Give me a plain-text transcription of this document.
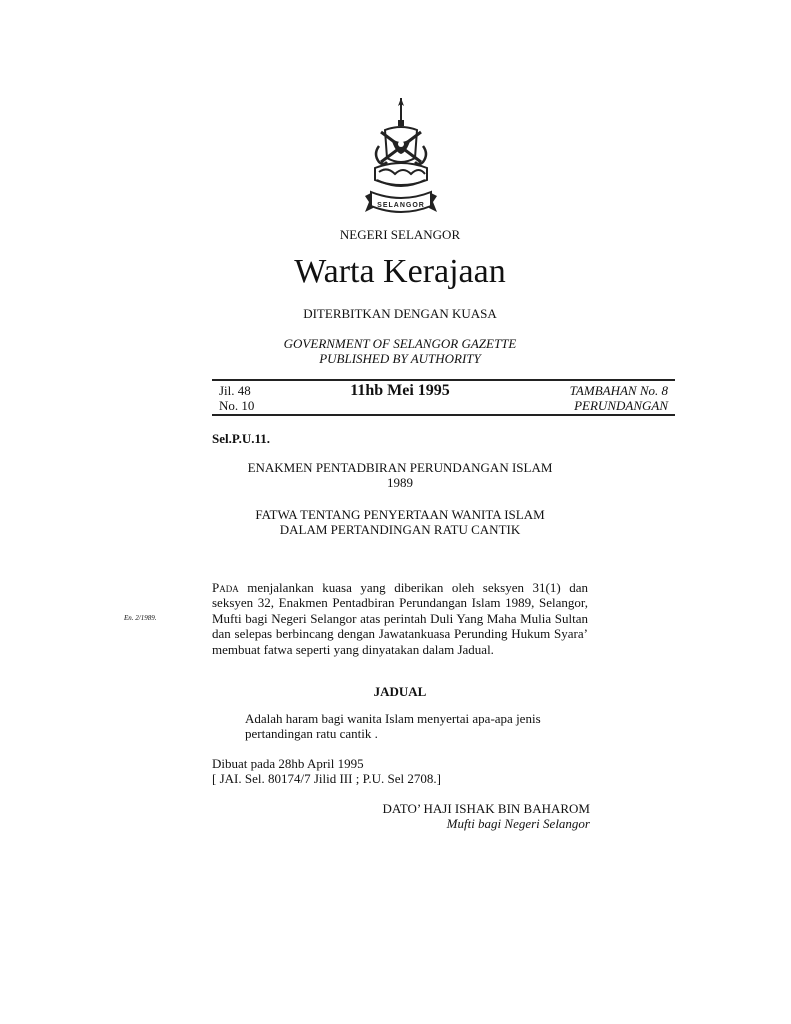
SELANGOR
NEGERI SELANGOR
Warta Kerajaan
DITERBITKAN DENGAN KUASA
GOVERNMENT OF SELANGOR GAZETTE
PUBLISHED BY AUTHORITY
Jil. 48
No. 10
11hb Mei 1995	TAMBAHAN No. 8
PERUNDANGAN
Sel.P.U.11.
ENAKMEN PENTADBIRAN PERUNDANGAN ISLAM
1989
FATWA TENTANG PENYERTAAN WANITA ISLAM
DALAM PERTANDINGAN RATU CANTIK
Pada menjalankan kuasa yang diberikan oleh seksyen 31(1) dan seksyen 32, Enakmen Pentadbiran Perundangan Islam 1989, Selangor, Mufti bagi Negeri Selangor atas perintah Duli Yang Maha Mulia Sultan dan selepas berbincang dengan Jawatankuasa Perunding Hukum Syara’ membuat fatwa seperti yang dinyatakan dalam Jadual.
En. 2/1989.
JADUAL
Adalah haram bagi wanita Islam menyertai apa-apa jenis
pertandingan ratu cantik .
Dibuat pada 28hb April 1995
[ JAI. Sel. 80174/7 Jilid III ; P.U. Sel 2708.]
DATO’ HAJI ISHAK BIN BAHAROM
Mufti bagi Negeri Selangor
